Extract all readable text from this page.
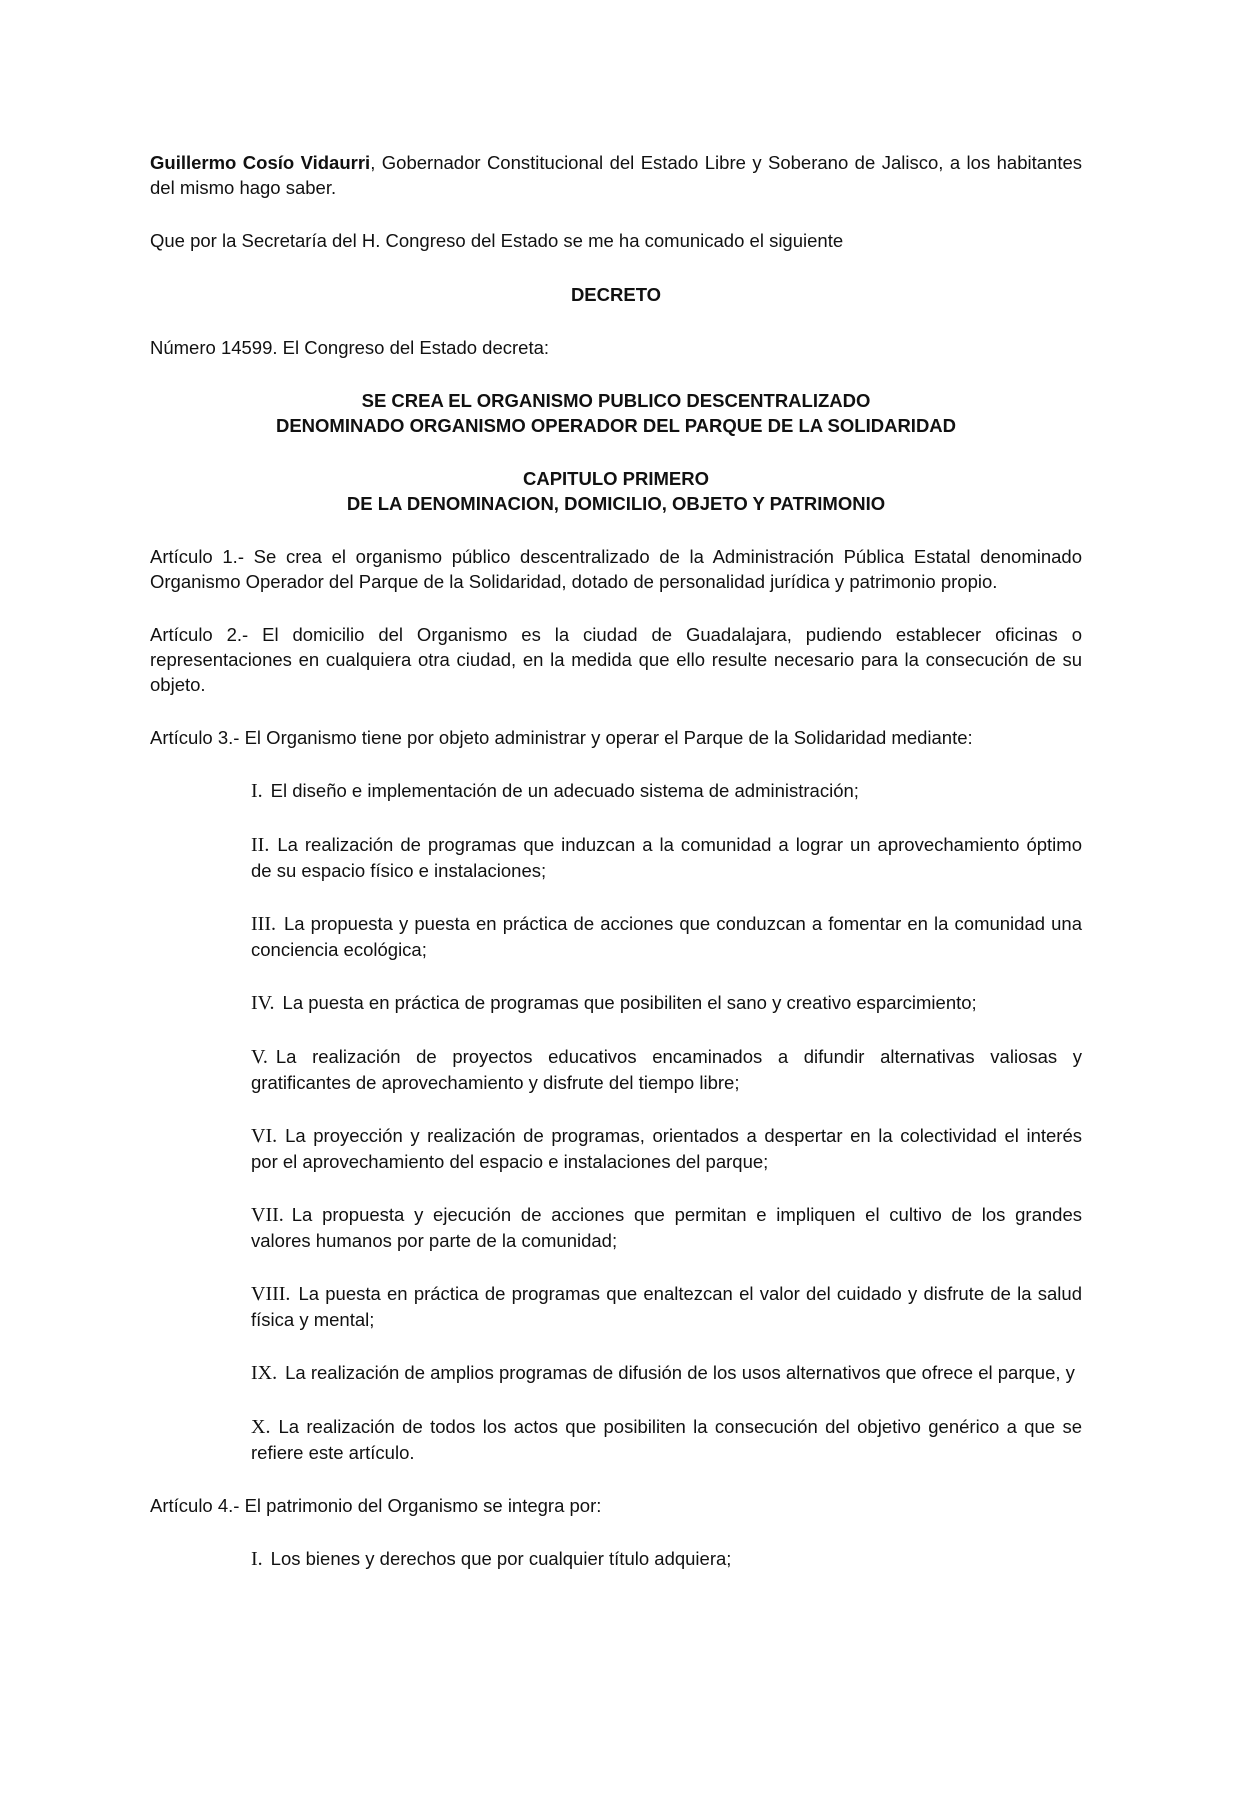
Guillermo Cosío Vidaurri, Gobernador Constitucional del Estado Libre y Soberano de Jalisco, a los habitantes del mismo hago saber.

Que por la Secretaría del H. Congreso del Estado se me ha comunicado el siguiente

DECRETO

Número 14599. El Congreso del Estado decreta:

SE CREA EL ORGANISMO PUBLICO DESCENTRALIZADO
DENOMINADO ORGANISMO OPERADOR DEL PARQUE DE LA SOLIDARIDAD
CAPITULO PRIMERO
DE LA DENOMINACION, DOMICILIO, OBJETO Y PATRIMONIO

Artículo 1.- Se crea el organismo público descentralizado de la Administración Pública Estatal denominado Organismo Operador del Parque de la Solidaridad, dotado de personalidad jurídica y patrimonio propio.

Artículo 2.- El domicilio del Organismo es la ciudad de Guadalajara, pudiendo establecer oficinas o representaciones en cualquiera otra ciudad, en la medida que ello resulte necesario para la consecución de su objeto.

Artículo 3.- El Organismo tiene por objeto administrar y operar el Parque de la Solidaridad mediante:

I. El diseño e implementación de un adecuado sistema de administración;
II. La realización de programas que induzcan a la comunidad a lograr un aprovechamiento óptimo de su espacio físico e instalaciones;
III. La propuesta y puesta en práctica de acciones que conduzcan a fomentar en la comunidad una conciencia ecológica;
IV. La puesta en práctica de programas que posibiliten el sano y creativo esparcimiento;
V. La realización de proyectos educativos encaminados a difundir alternativas valiosas y gratificantes de aprovechamiento y disfrute del tiempo libre;
VI. La proyección y realización de programas, orientados a despertar en la colectividad el interés por el aprovechamiento del espacio e instalaciones del parque;
VII. La propuesta y ejecución de acciones que permitan e impliquen el cultivo de los grandes valores humanos por parte de la comunidad;
VIII. La puesta en práctica de programas que enaltezcan el valor del cuidado y disfrute de la salud física y mental;
IX. La realización de amplios programas de difusión de los usos alternativos que ofrece el parque, y
X. La realización de todos los actos que posibiliten la consecución del objetivo genérico a que se refiere este artículo.

Artículo 4.- El patrimonio del Organismo se integra por:

I. Los bienes y derechos que por cualquier título adquiera;
